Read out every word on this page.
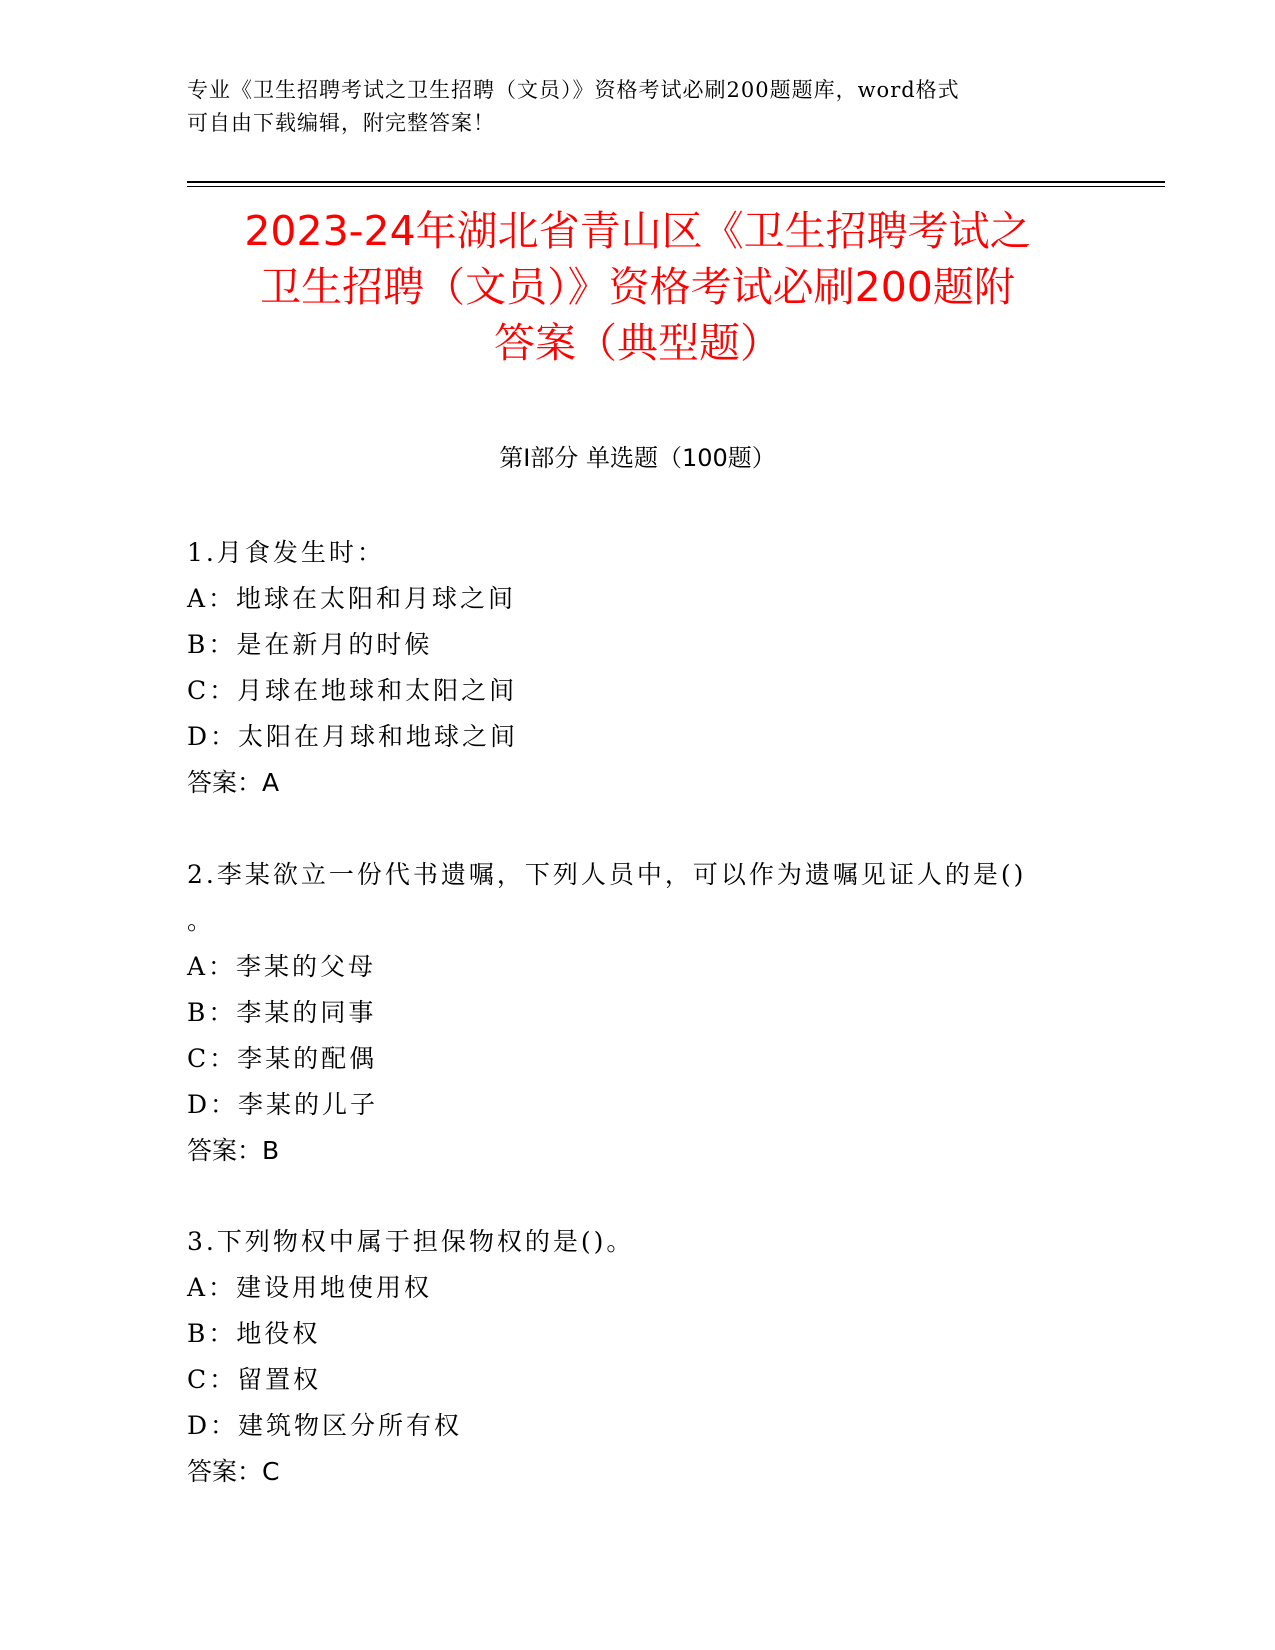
专业《卫生招聘考试之卫生招聘（文员）》资格考试必刷200题题库，word格式
可自由下载编辑，附完整答案！
2023-24年湖北省青山区《卫生招聘考试之
卫生招聘（文员）》资格考试必刷200题附
答案（典型题）
第Ⅰ部分 单选题（100题）
1.月食发生时：
A：地球在太阳和月球之间
B：是在新月的时候
C：月球在地球和太阳之间
D：太阳在月球和地球之间
答案：A
2.李某欲立一份代书遗嘱，下列人员中，可以作为遗嘱见证人的是()
。
A：李某的父母
B：李某的同事
C：李某的配偶
D：李某的儿子
答案：B
3.下列物权中属于担保物权的是()。
A：建设用地使用权
B：地役权
C：留置权
D：建筑物区分所有权
答案：C
